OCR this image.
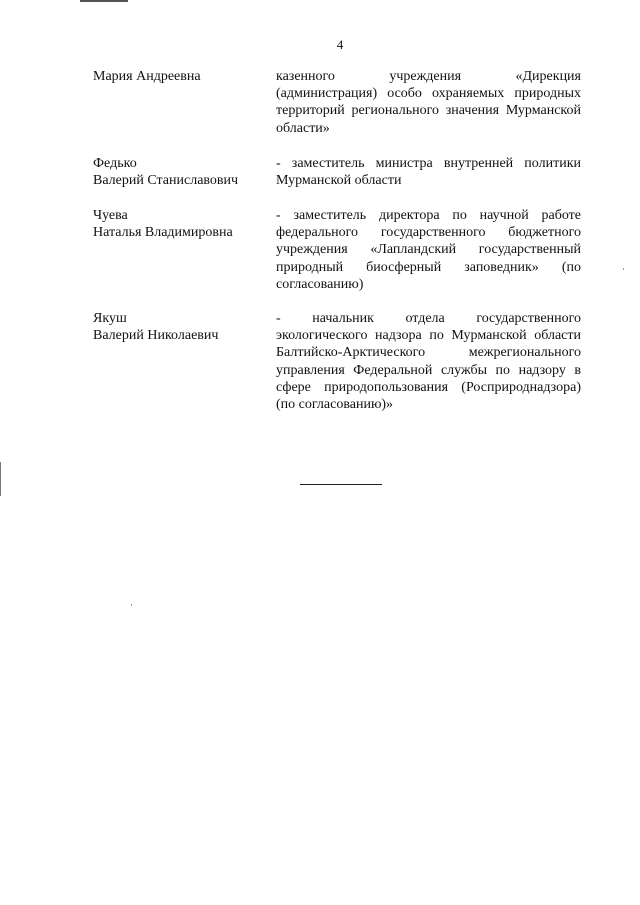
4
Мария Андреевна	казенного учреждения «Дирекция (администрация) особо охраняемых природных территорий регионального значения Мурманской области»
Федько
Валерий Станиславович
- заместитель министра внутренней политики Мурманской области
Чуева
Наталья Владимировна
- заместитель директора по научной работе федерального государственного бюджетного учреждения «Лапландский государственный природный биосферный заповедник» (по согласованию)
Якуш
Валерий Николаевич
- начальник отдела государственного экологического надзора по Мурманской области Балтийско-Арктического межрегионального управления Федеральной службы по надзору в сфере природопользования (Росприроднадзора) (по согласованию)»
